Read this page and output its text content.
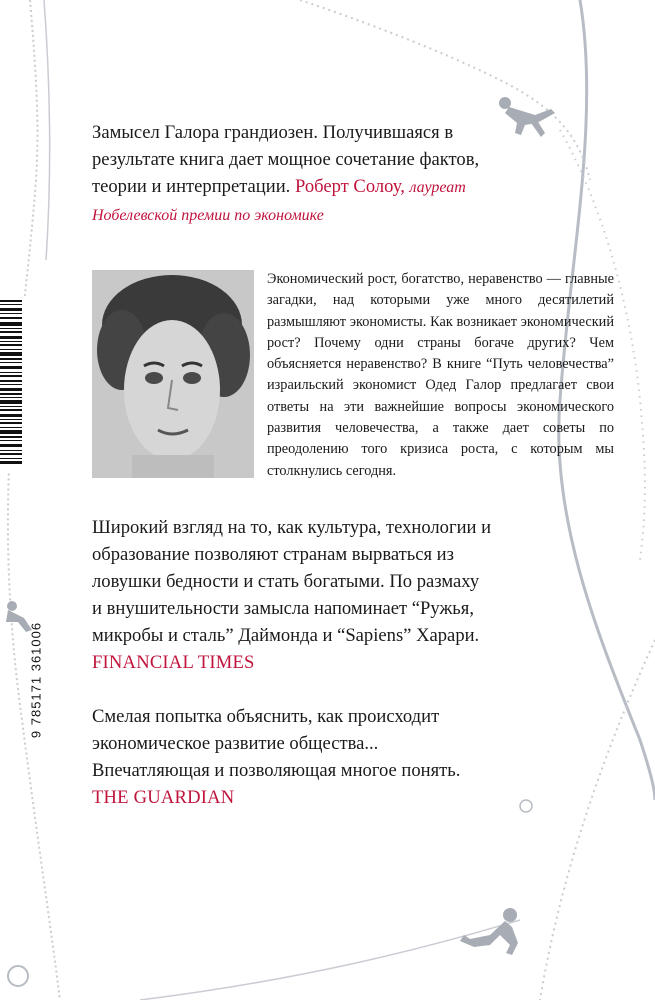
Замысел Галора грандиозен. Получившаяся в результате книга дает мощное сочетание фактов, теории и интерпретации. Роберт Солоу, лауреат Нобелевской премии по экономике

Экономический рост, богатство, неравенство — главные загадки, над которыми уже много десятилетий размышляют экономисты. Как возникает экономический рост? Почему одни страны богаче других? Чем объясняется неравенство? В книге “Путь человечества” израильский экономист Одед Галор предлагает свои ответы на эти важнейшие вопросы экономического развития человечества, а также дает советы по преодолению того кризиса роста, с которым мы столкнулись сегодня.

9 785171 361006

Широкий взгляд на то, как культура, технологии и образование позволяют странам вырваться из ловушки бедности и стать богатыми. По размаху и внушительности замысла напоминает “Ружья, микробы и сталь” Даймонда и “Sapiens” Харари. FINANCIAL TIMES

Смелая попытка объяснить, как происходит экономическое развитие общества... Впечатляющая и позволяющая многое понять.
THE GUARDIAN
